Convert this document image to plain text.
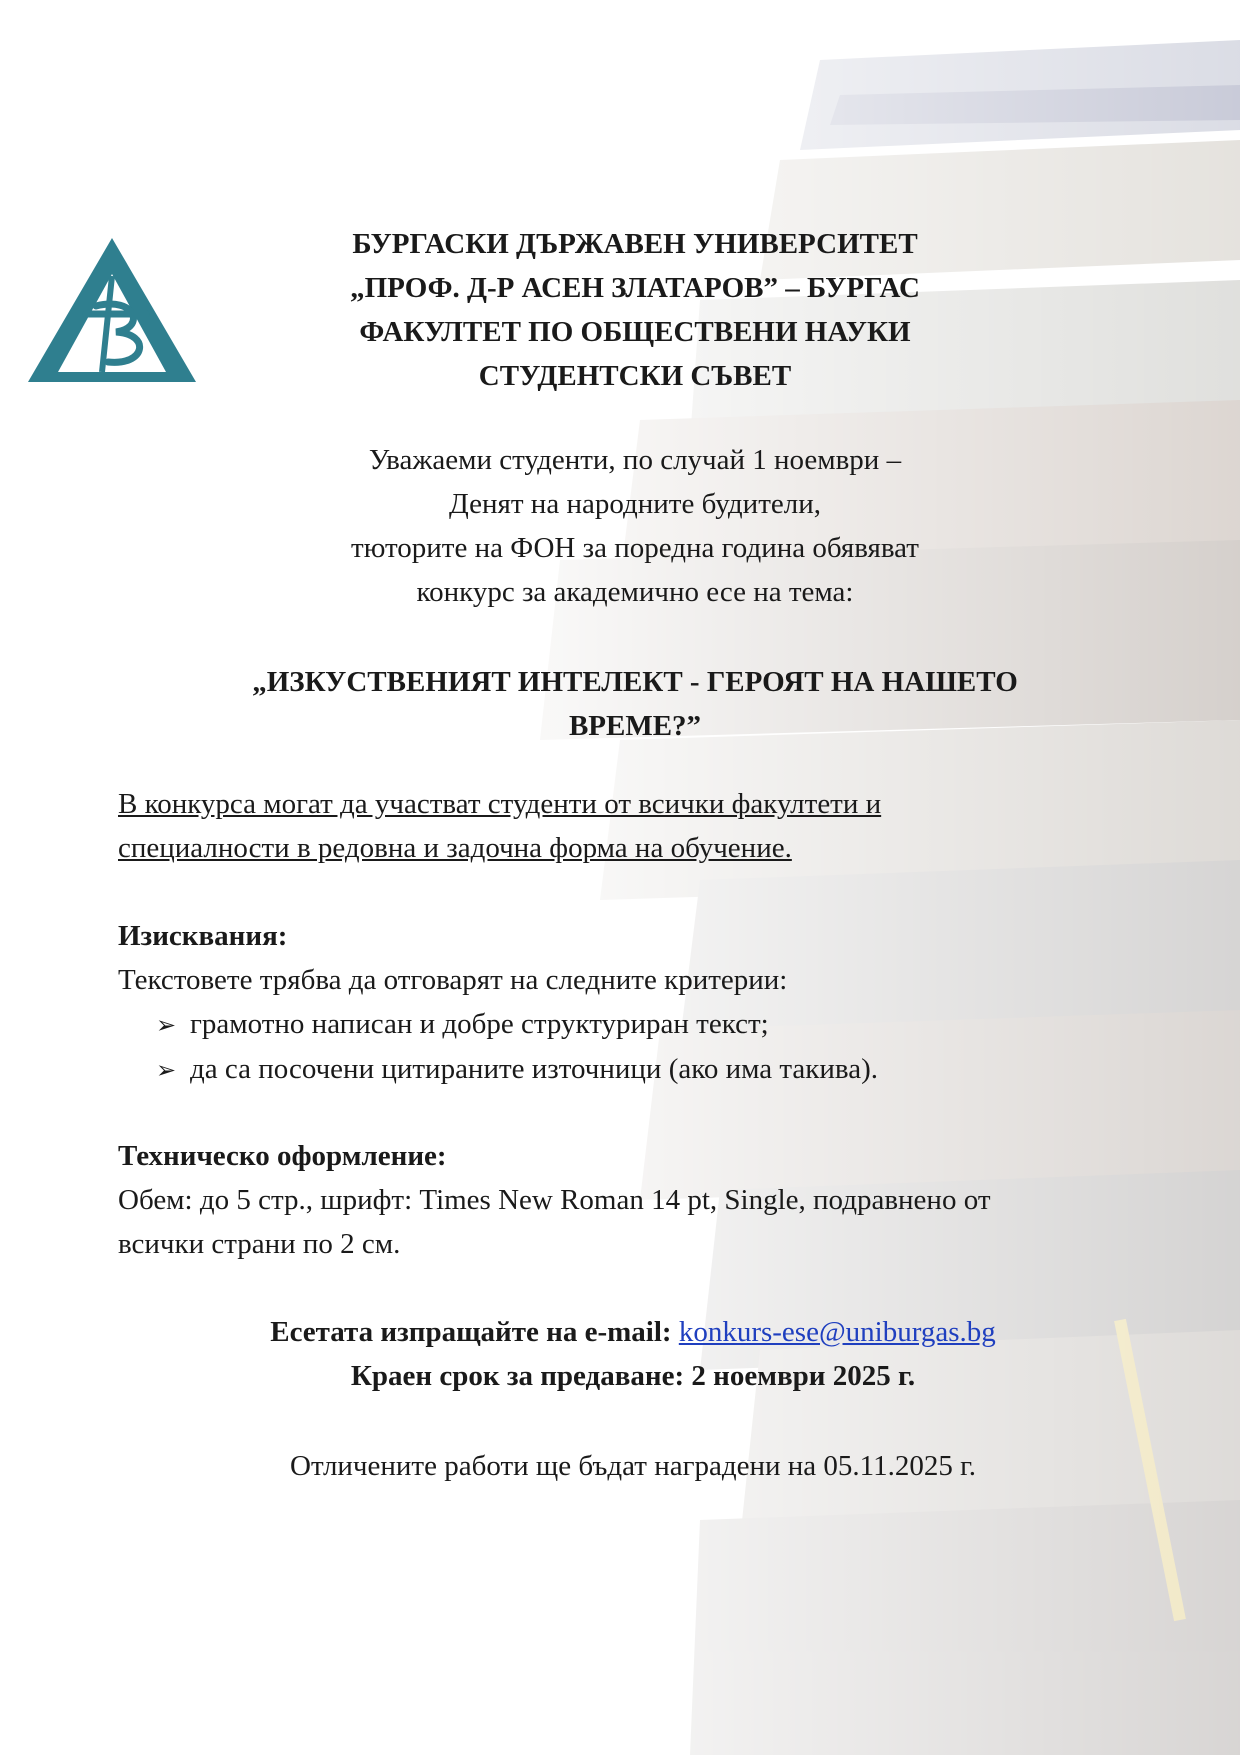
БУРГАСКИ ДЪРЖАВЕН УНИВЕРСИТЕТ
„ПРОФ. Д-Р АСЕН ЗЛАТАРОВ” – БУРГАС
ФАКУЛТЕТ ПО ОБЩЕСТВЕНИ НАУКИ
СТУДЕНТСКИ СЪВЕТ
Уважаеми студенти, по случай 1 ноември –
Денят на народните будители,
тюторите на ФОН за поредна година обявяват
конкурс за академично есе на тема:
„ИЗКУСТВЕНИЯТ ИНТЕЛЕКТ - ГЕРОЯТ НА НАШЕТО
ВРЕМЕ?”
В конкурса могат да участват студенти от всички факултети и
специалности в редовна и задочна форма на обучение.
Изисквания:
Текстовете трябва да отговарят на следните критерии:
➢ грамотно написан и добре структуриран текст;
➢ да са посочени цитираните източници (ако има такива).
Техническо оформление:
Обем: до 5 стр., шрифт: Times New Roman 14 pt, Single, подравнено от
всички страни по 2 см.
Есетата изпращайте на e-mail: konkurs-ese@uniburgas.bg
Краен срок за предаване: 2 ноември 2025 г.
Отличените работи ще бъдат наградени на 05.11.2025 г.
